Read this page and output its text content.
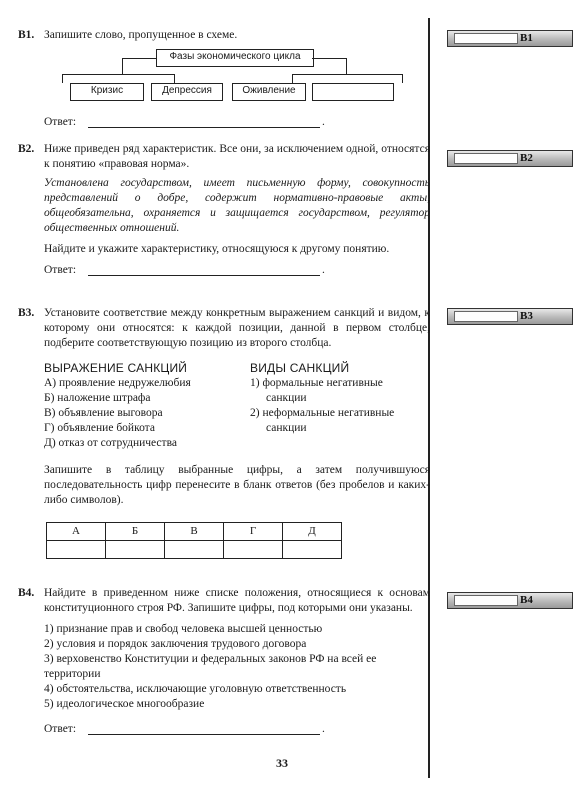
B1
B2
B3
B4
B1. Запишите слово, пропущенное в схеме.

Фазы экономического цикла
Кризис	Депрессия	Оживление
Ответ:	.
B2. Ниже приведен ряд характеристик. Все они, за исключением одной, относятся к понятию «правовая норма».

Установлена государством, имеет письменную форму, совокупность представлений о добре, содержит нормативно-правовые акты, общеобязательна, охраняется и защищается государством, регулятор общественных отношений.

Найдите и укажите характеристику, относящуюся к другому понятию.

Ответ:	.
B3. Установите соответствие между конкретным выражением санкций и видом, к которому они относятся: к каждой позиции, данной в первом столбце, подберите соответствующую позицию из второго столбца.

ВЫРАЖЕНИЕ САНКЦИЙ
А) проявление недружелюбия
Б) наложение штрафа
В) объявление выговора
Г) объявление бойкота
Д) отказ от сотрудничества
ВИДЫ САНКЦИЙ
1) формальные негативные
санкции
2) неформальные негативные
санкции

Запишите в таблицу выбранные цифры, а затем получившуюся последовательность цифр перенесите в бланк ответов (без пробелов и каких-либо символов).

А	Б	В	Г	Д

B4. Найдите в приведенном ниже списке положения, относящиеся к основам конституционного строя РФ. Запишите цифры, под которыми они указаны.

1) признание прав и свобод человека высшей ценностью
2) условия и порядок заключения трудового договора
3) верховенство Конституции и федеральных законов РФ на всей ее территории
4) обстоятельства, исключающие уголовную ответственность
5) идеологическое многообразие
Ответ:	.
33
